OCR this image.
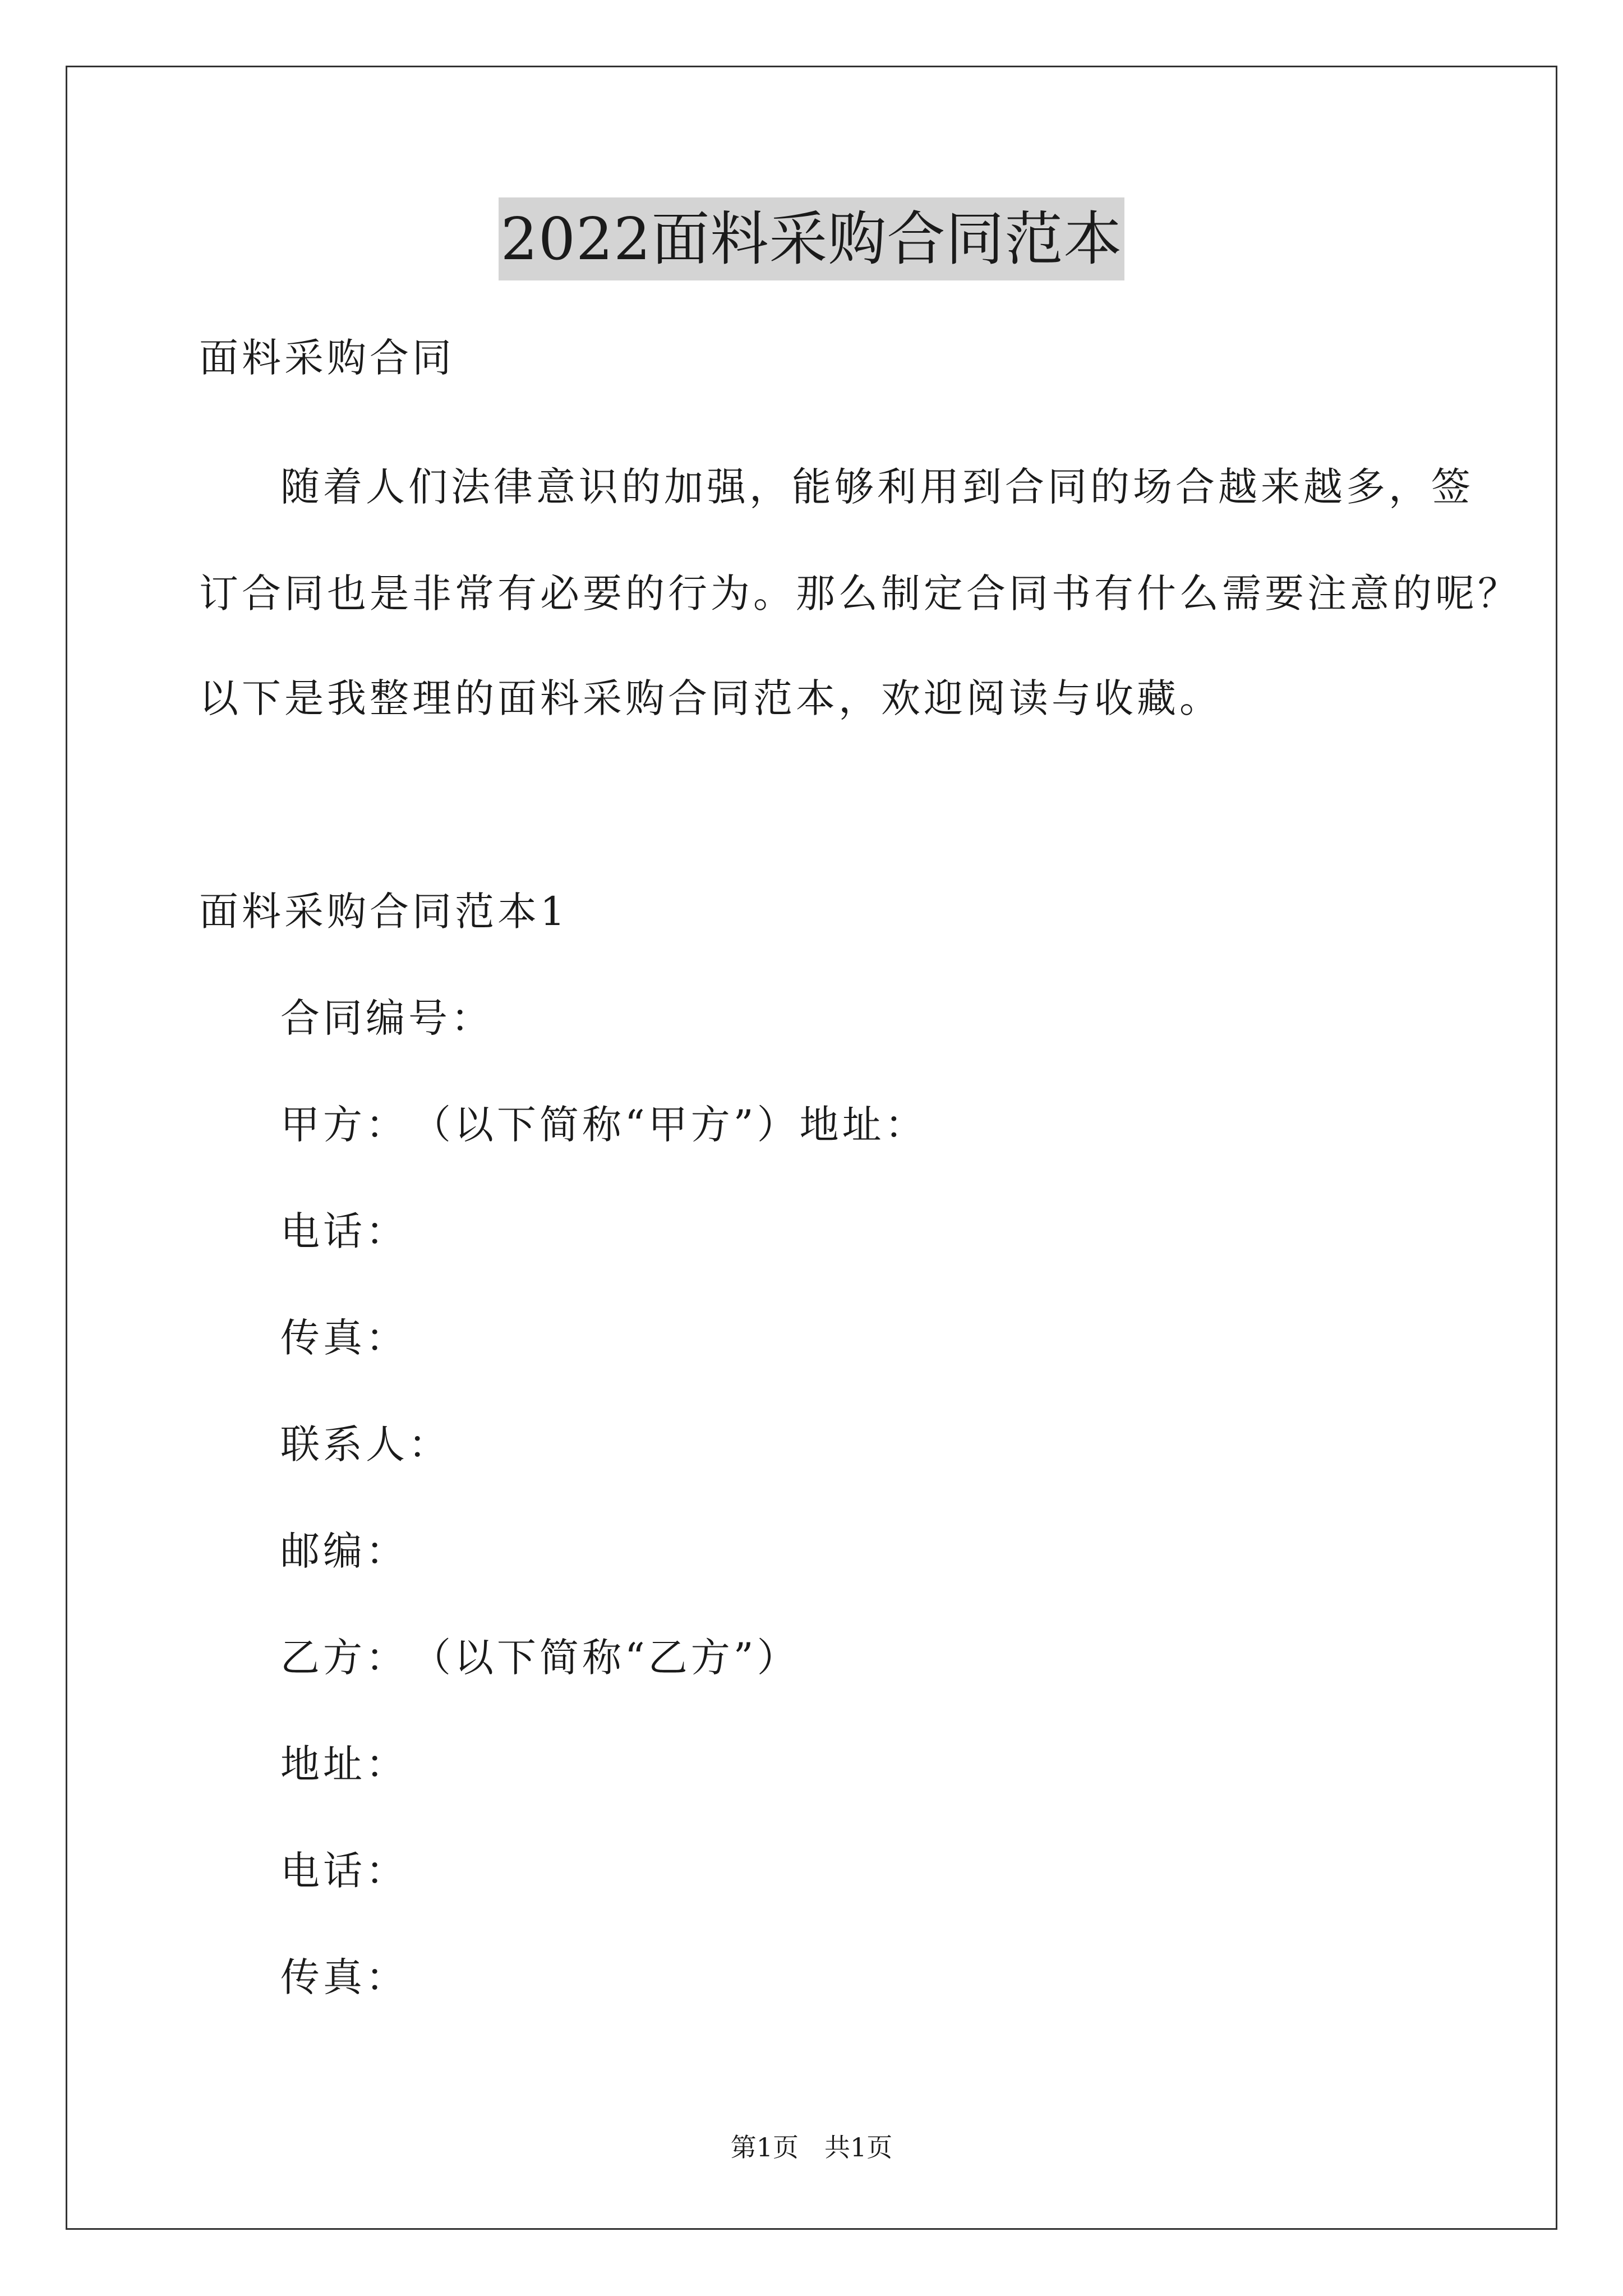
2022面料采购合同范本
面料采购合同
随着人们法律意识的加强，能够利用到合同的场合越来越多，签
订合同也是非常有必要的行为。那么制定合同书有什么需要注意的呢？
以下是我整理的面料采购合同范本，欢迎阅读与收藏。
面料采购合同范本1
合同编号：
甲方：　（以下简称“甲方”）地址：
电话：
传真：
联系人：
邮编：
乙方：　（以下简称“乙方”）
地址：
电话：
传真：
第1页　共1页
